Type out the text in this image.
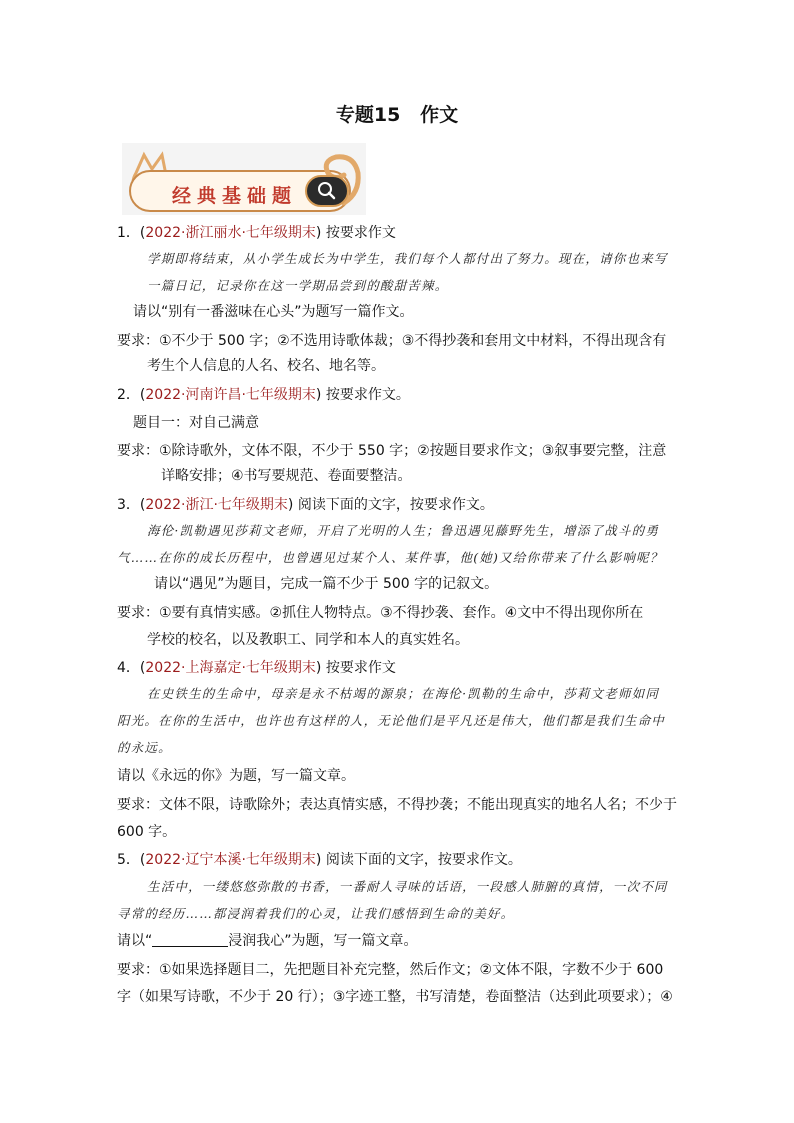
专题15   作文
经典基础题
1．(2022·浙江丽水·七年级期末) 按要求作文
学期即将结束，从小学生成长为中学生，我们每个人都付出了努力。现在，请你也来写
一篇日记，记录你在这一学期品尝到的酸甜苦辣。
请以“别有一番滋味在心头”为题写一篇作文。
要求：①不少于 500 字；②不选用诗歌体裁；③不得抄袭和套用文中材料，不得出现含有
考生个人信息的人名、校名、地名等。
2．(2022·河南许昌·七年级期末) 按要求作文。
题目一：对自己满意
要求：①除诗歌外，文体不限，不少于 550 字；②按题目要求作文；③叙事要完整，注意
详略安排；④书写要规范、卷面要整洁。
3．(2022·浙江·七年级期末) 阅读下面的文字，按要求作文。
海伦·凯勒遇见莎莉文老师，开启了光明的人生；鲁迅遇见藤野先生，增添了战斗的勇
气……在你的成长历程中，也曾遇见过某个人、某件事，他(她)又给你带来了什么影响呢？
请以“遇见”为题目，完成一篇不少于 500 字的记叙文。
要求：①要有真情实感。②抓住人物特点。③不得抄袭、套作。④文中不得出现你所在
学校的校名，以及教职工、同学和本人的真实姓名。
4．(2022·上海嘉定·七年级期末) 按要求作文
在史铁生的生命中，母亲是永不枯竭的源泉；在海伦·凯勒的生命中，莎莉文老师如同
阳光。在你的生活中，也许也有这样的人，无论他们是平凡还是伟大，他们都是我们生命中
的永远。
请以《永远的你》为题，写一篇文章。
要求：文体不限，诗歌除外；表达真情实感，不得抄袭；不能出现真实的地名人名；不少于
600 字。
5．(2022·辽宁本溪·七年级期末) 阅读下面的文字，按要求作文。
生活中，一缕悠悠弥散的书香，一番耐人寻味的话语，一段感人肺腑的真情，一次不同
寻常的经历……都浸润着我们的心灵，让我们感悟到生命的美好。
请以“	浸润我心”为题，写一篇文章。
要求：①如果选择题目二，先把题目补充完整，然后作文；②文体不限，字数不少于 600
字（如果写诗歌，不少于 20 行）；③字迹工整，书写清楚，卷面整洁（达到此项要求）；④
